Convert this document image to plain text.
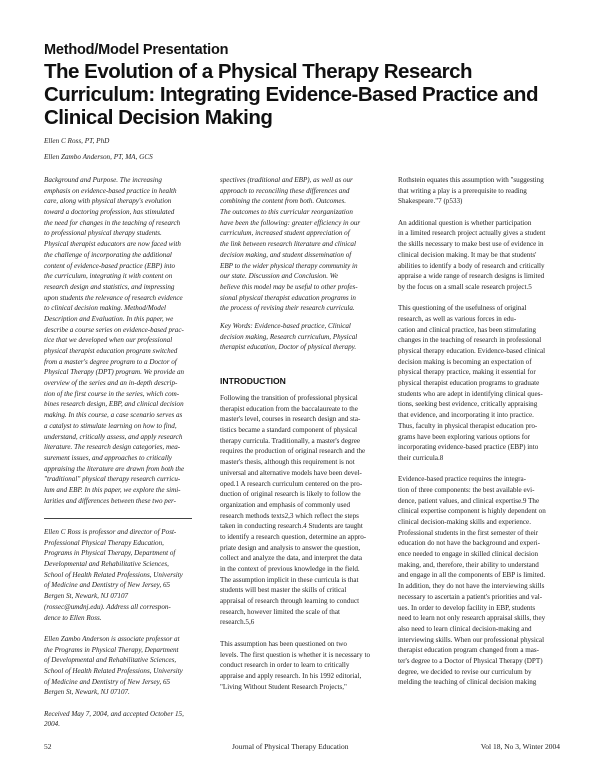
Method/Model Presentation
The Evolution of a Physical Therapy Research
Curriculum: Integrating Evidence-Based Practice and
Clinical Decision Making
Ellen C Ross, PT, PhD
Ellen Zambo Anderson, PT, MA, GCS
Background and Purpose. The increasing
emphasis on evidence-based practice in health
care, along with physical therapy's evolution
toward a doctoring profession, has stimulated
the need for changes in the teaching of research
to professional physical therapy students.
Physical therapist educators are now faced with
the challenge of incorporating the additional
content of evidence-based practice (EBP) into
the curriculum, integrating it with content on
research design and statistics, and impressing
upon students the relevance of research evidence
to clinical decision making. Method/Model
Description and Evaluation. In this paper, we
describe a course series on evidence-based prac-
tice that we developed when our professional
physical therapist education program switched
from a master's degree program to a Doctor of
Physical Therapy (DPT) program. We provide an
overview of the series and an in-depth descrip-
tion of the first course in the series, which com-
bines research design, EBP, and clinical decision
making. In this course, a case scenario serves as
a catalyst to stimulate learning on how to find,
understand, critically assess, and apply research
literature. The research design categories, mea-
surement issues, and approaches to critically
appraising the literature are drawn from both the
"traditional" physical therapy research curricu-
lum and EBP. In this paper, we explore the simi-
larities and differences between these two per-
Ellen C Ross is professor and director of Post-
Professional Physical Therapy Education,
Programs in Physical Therapy, Department of
Developmental and Rehabilitative Sciences,
School of Health Related Professions, University
of Medicine and Dentistry of New Jersey, 65
Bergen St, Newark, NJ 07107
(rossec@umdnj.edu). Address all correspon-
dence to Ellen Ross.
Ellen Zambo Anderson is associate professor at
the Programs in Physical Therapy, Department
of Developmental and Rehabilitative Sciences,
School of Health Related Professions, University
of Medicine and Dentistry of New Jersey, 65
Bergen St, Newark, NJ 07107.
Received May 7, 2004, and accepted October 15,
2004.
spectives (traditional and EBP), as well as our
approach to reconciling these differences and
combining the content from both. Outcomes.
The outcomes to this curricular reorganization
have been the following: greater efficiency in our
curriculum, increased student appreciation of
the link between research literature and clinical
decision making, and student dissemination of
EBP to the wider physical therapy community in
our state. Discussion and Conclusion. We
believe this model may be useful to other profes-
sional physical therapist education programs in
the process of revising their research curricula.
Key Words: Evidence-based practice, Clinical
decision making, Research curriculum, Physical
therapist education, Doctor of physical therapy.
INTRODUCTION
Following the transition of professional physical
therapist education from the baccalaureate to the
master's level, courses in research design and sta-
tistics became a standard component of physical
therapy curricula. Traditionally, a master's degree
requires the production of original research and the
master's thesis, although this requirement is not
universal and alternative models have been devel-
oped.1 A research curriculum centered on the pro-
duction of original research is likely to follow the
organization and emphasis of commonly used
research methods texts2,3 which reflect the steps
taken in conducting research.4 Students are taught
to identify a research question, determine an appro-
priate design and analysis to answer the question,
collect and analyze the data, and interpret the data
in the context of previous knowledge in the field.
The assumption implicit in these curricula is that
students will best master the skills of critical
appraisal of research through learning to conduct
research, however limited the scale of that
research.5,6
This assumption has been questioned on two
levels. The first question is whether it is necessary to
conduct research in order to learn to critically
appraise and apply research. In his 1992 editorial,
"Living Without Student Research Projects,"
Rothstein equates this assumption with "suggesting
that writing a play is a prerequisite to reading
Shakespeare."7 (p533)
An additional question is whether participation
in a limited research project actually gives a student
the skills necessary to make best use of evidence in
clinical decision making. It may be that students'
abilities to identify a body of research and critically
appraise a wide range of research designs is limited
by the focus on a small scale research project.5
This questioning of the usefulness of original
research, as well as various forces in edu-
cation and clinical practice, has been stimulating
changes in the teaching of research in professional
physical therapy education. Evidence-based clinical
decision making is becoming an expectation of
physical therapy practice, making it essential for
physical therapist education programs to graduate
students who are adept in identifying clinical ques-
tions, seeking best evidence, critically appraising
that evidence, and incorporating it into practice.
Thus, faculty in physical therapist education pro-
grams have been exploring various options for
incorporating evidence-based practice (EBP) into
their curricula.8
Evidence-based practice requires the integra-
tion of three components: the best available evi-
dence, patient values, and clinical expertise.9 The
clinical expertise component is highly dependent on
clinical decision-making skills and experience.
Professional students in the first semester of their
education do not have the background and experi-
ence needed to engage in skilled clinical decision
making, and, therefore, their ability to understand
and engage in all the components of EBP is limited.
In addition, they do not have the interviewing skills
necessary to ascertain a patient's priorities and val-
ues. In order to develop facility in EBP, students
need to learn not only research appraisal skills, they
also need to learn clinical decision-making and
interviewing skills. When our professional physical
therapist education program changed from a mas-
ter's degree to a Doctor of Physical Therapy (DPT)
degree, we decided to revise our curriculum by
melding the teaching of clinical decision making
52	Journal of Physical Therapy Education	Vol 18, No 3, Winter 2004
